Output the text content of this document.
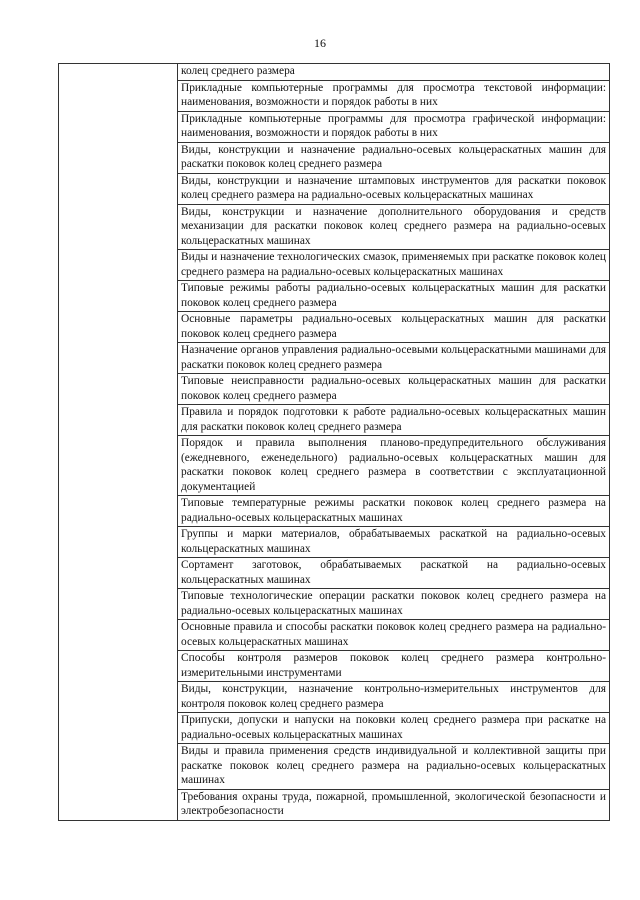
16
	колец среднего размера
Прикладные компьютерные программы для просмотра текстовой информации: наименования, возможности и порядок работы в них
Прикладные компьютерные программы для просмотра графической информации: наименования, возможности и порядок работы в них
Виды, конструкции и назначение радиально-осевых кольцераскатных машин для раскатки поковок колец среднего размера
Виды, конструкции и назначение штамповых инструментов для раскатки поковок колец среднего размера на радиально-осевых кольцераскатных машинах
Виды, конструкции и назначение дополнительного оборудования и средств механизации для раскатки поковок колец среднего размера на радиально-осевых кольцераскатных машинах
Виды и назначение технологических смазок, применяемых при раскатке поковок колец среднего размера на радиально-осевых кольцераскатных машинах
Типовые режимы работы радиально-осевых кольцераскатных машин для раскатки поковок колец среднего размера
Основные параметры радиально-осевых кольцераскатных машин для раскатки поковок колец среднего размера
Назначение органов управления радиально-осевыми кольцераскатными машинами для раскатки поковок колец среднего размера
Типовые неисправности радиально-осевых кольцераскатных машин для раскатки поковок колец среднего размера
Правила и порядок подготовки к работе радиально-осевых кольцераскатных машин для раскатки поковок колец среднего размера
Порядок и правила выполнения планово-предупредительного обслуживания (ежедневного, еженедельного) радиально-осевых кольцераскатных машин для раскатки поковок колец среднего размера в соответствии с эксплуатационной документацией
Типовые температурные режимы раскатки поковок колец среднего размера на радиально-осевых кольцераскатных машинах
Группы и марки материалов, обрабатываемых раскаткой на радиально-осевых кольцераскатных машинах
Сортамент заготовок, обрабатываемых раскаткой на радиально-осевых кольцераскатных машинах
Типовые технологические операции раскатки поковок колец среднего размера на радиально-осевых кольцераскатных машинах
Основные правила и способы раскатки поковок колец среднего размера на радиально-осевых кольцераскатных машинах
Способы контроля размеров поковок колец среднего размера контрольно-измерительными инструментами
Виды, конструкции, назначение контрольно-измерительных инструментов для контроля поковок колец среднего размера
Припуски, допуски и напуски на поковки колец среднего размера при раскатке на радиально-осевых кольцераскатных машинах
Виды и правила применения средств индивидуальной и коллективной защиты при раскатке поковок колец среднего размера на радиально-осевых кольцераскатных машинах
Требования охраны труда, пожарной, промышленной, экологической безопасности и электробезопасности
